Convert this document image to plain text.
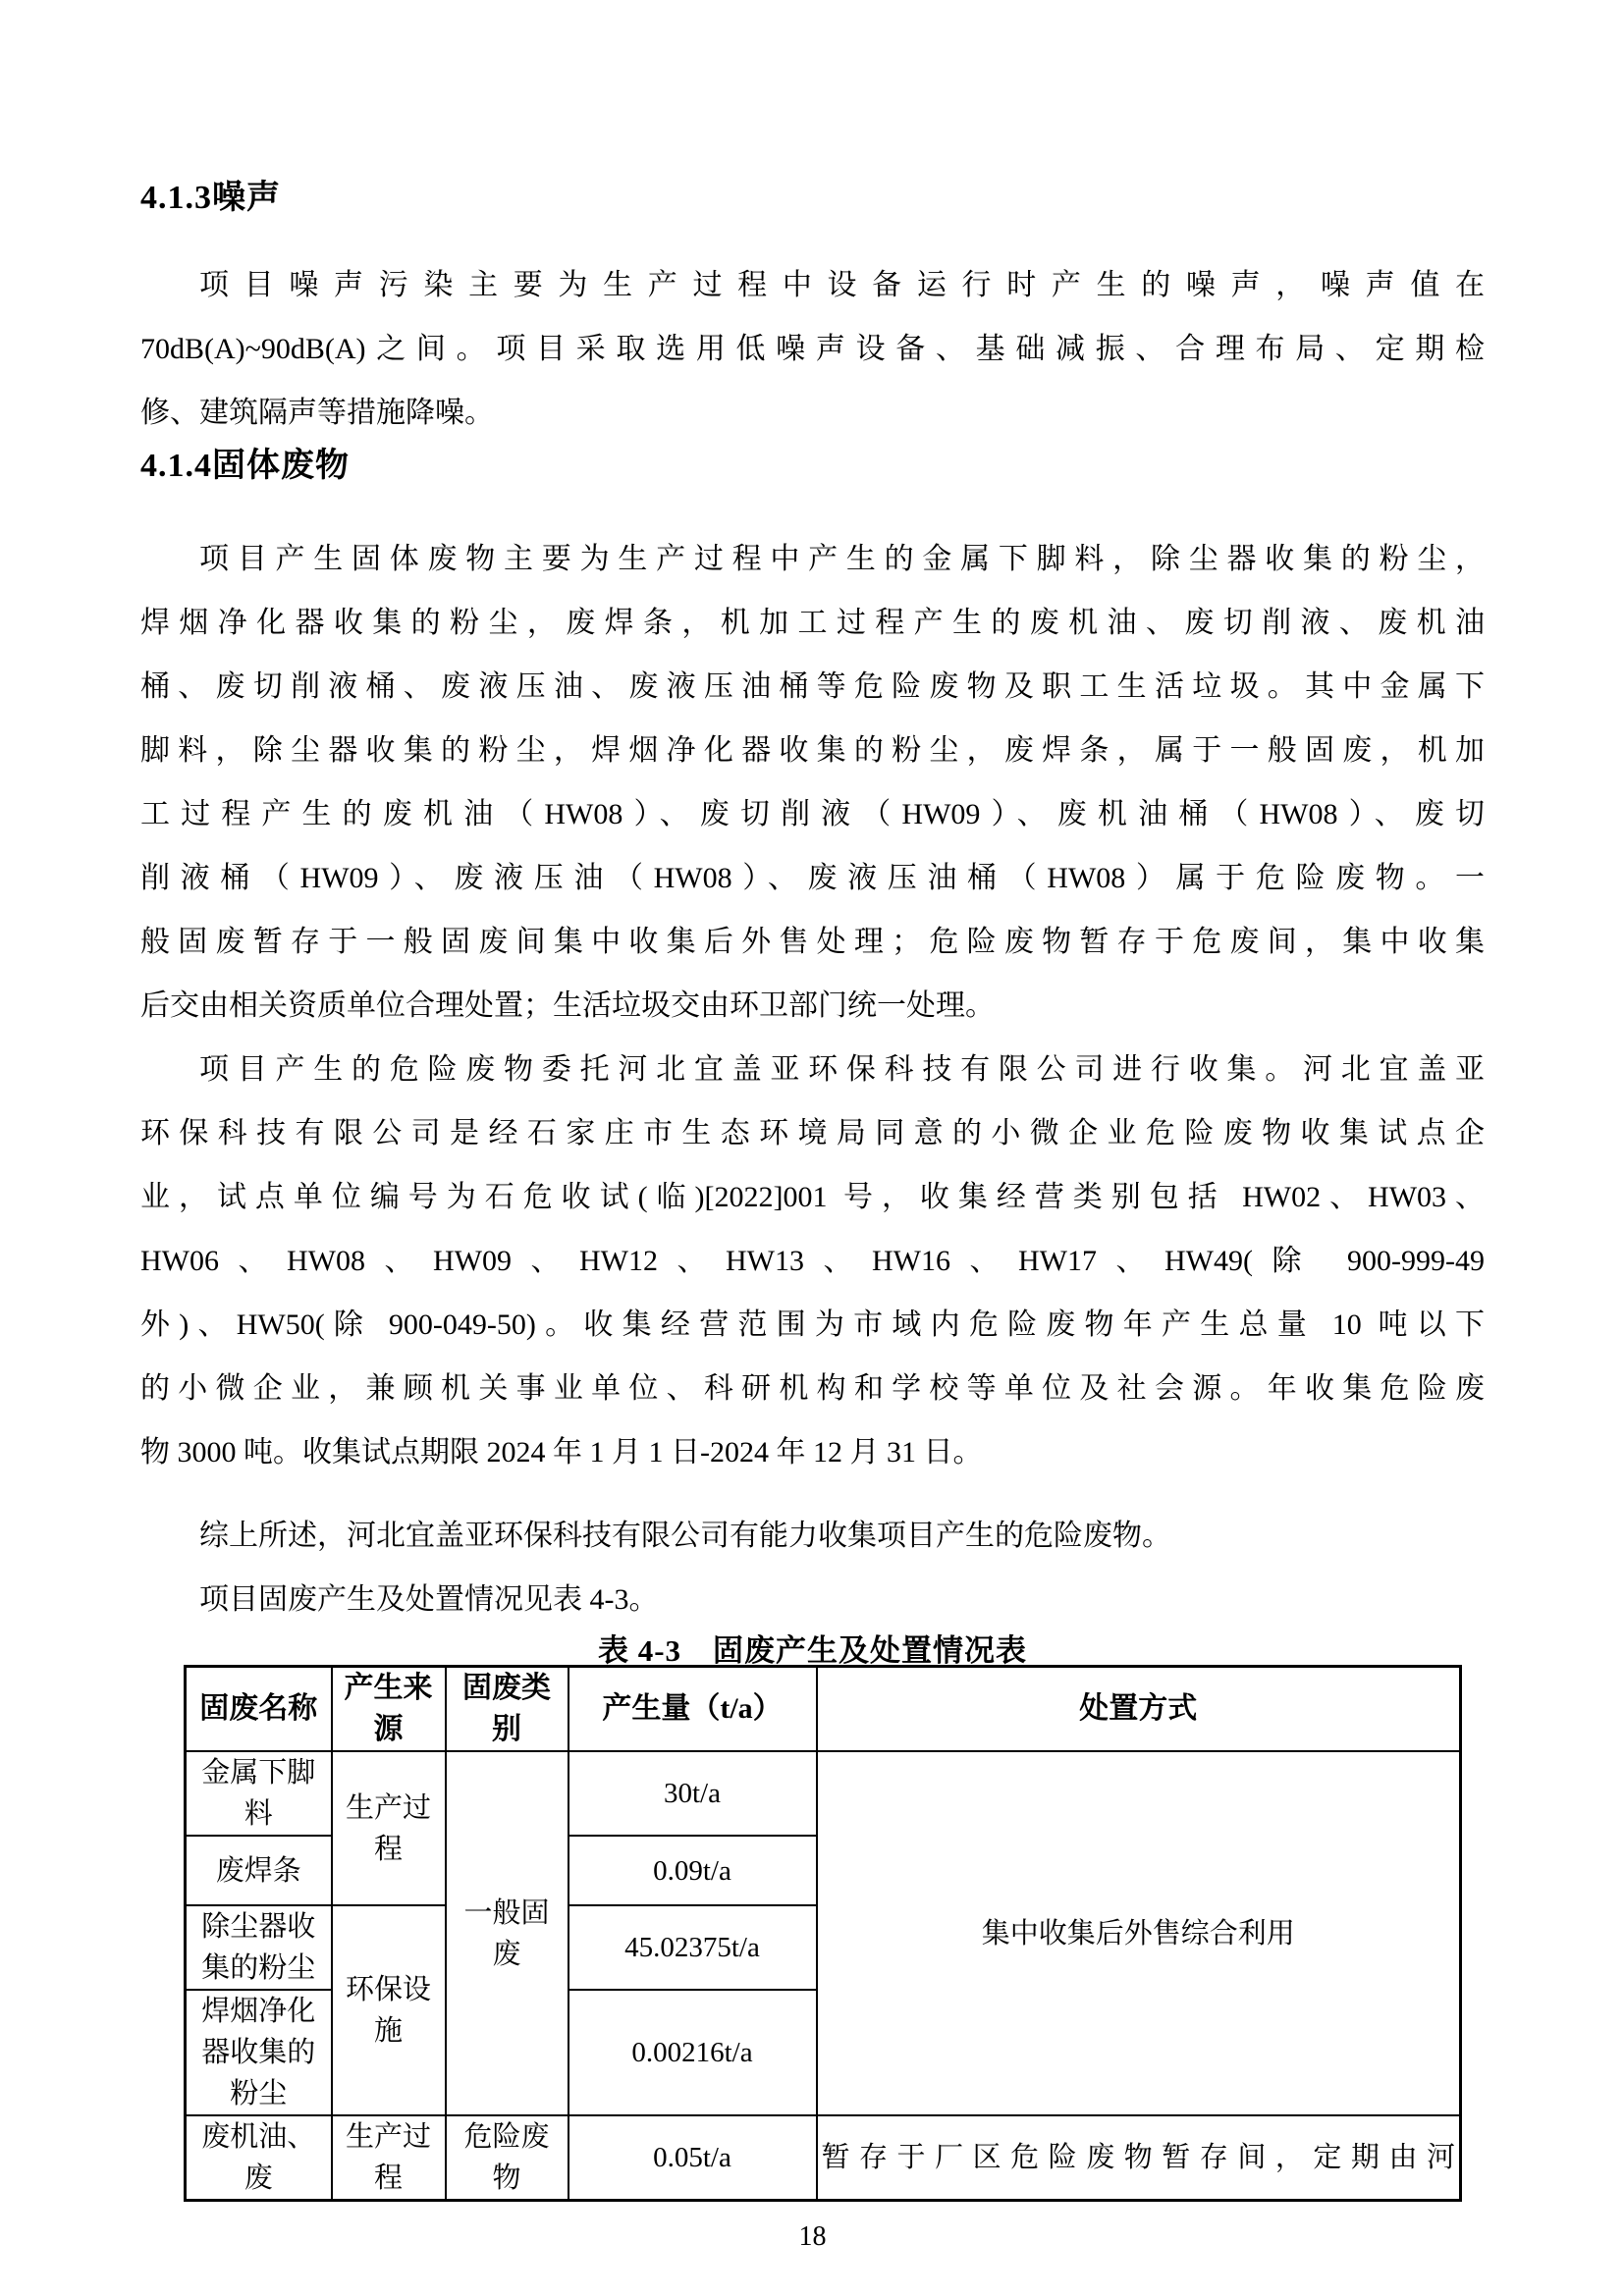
4.1.3噪声
项目噪声污染主要为生产过程中设备运行时产生的噪声，噪声值在
70dB(A)~90dB(A)之间。项目采取选用低噪声设备、基础减振、合理布局、定期检
修、建筑隔声等措施降噪。
4.1.4固体废物
项目产生固体废物主要为生产过程中产生的金属下脚料，除尘器收集的粉尘，
焊烟净化器收集的粉尘，废焊条，机加工过程产生的废机油、废切削液、废机油
桶、废切削液桶、废液压油、废液压油桶等危险废物及职工生活垃圾。其中金属下
脚料，除尘器收集的粉尘，焊烟净化器收集的粉尘，废焊条，属于一般固废，机加
工过程产生的废机油（HW08）、废切削液（HW09）、废机油桶（HW08）、废切
削液桶（HW09）、废液压油（HW08）、废液压油桶（HW08）属于危险废物。一
般固废暂存于一般固废间集中收集后外售处理；危险废物暂存于危废间，集中收集
后交由相关资质单位合理处置；生活垃圾交由环卫部门统一处理。
项目产生的危险废物委托河北宜盖亚环保科技有限公司进行收集。河北宜盖亚
环保科技有限公司是经石家庄市生态环境局同意的小微企业危险废物收集试点企
业，试点单位编号为石危收试(临)[2022]001 号，收集经营类别包括 HW02、HW03、
HW06、HW08、HW09、HW12、HW13、HW16、HW17、HW49(除 900-999-49
外)、HW50(除 900-049-50)。收集经营范围为市域内危险废物年产生总量 10 吨以下
的小微企业，兼顾机关事业单位、科研机构和学校等单位及社会源。年收集危险废
物 3000 吨。收集试点期限 2024 年 1 月 1 日-2024 年 12 月 31 日。
综上所述，河北宜盖亚环保科技有限公司有能力收集项目产生的危险废物。
项目固废产生及处置情况见表 4-3。
表 4-3　固废产生及处置情况表
固废名称	产生来源	固废类别	产生量（t/a）	处置方式
金属下脚料	生产过程	一般固废	30t/a	集中收集后外售综合利用
废焊条			0.09t/a	
除尘器收集的粉尘	环保设施		45.02375t/a	
焊烟净化器收集的粉尘			0.00216t/a	
废机油、废	生产过程	危险废物	0.05t/a	暂存于厂区危险废物暂存间，定期由河
18
